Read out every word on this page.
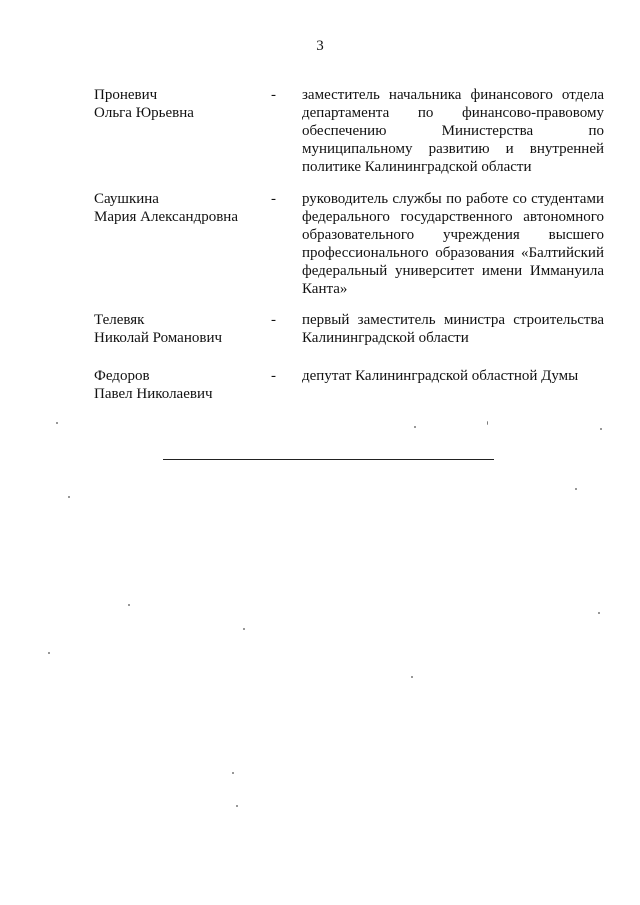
3
Проневич
Ольга Юрьевна
- заместитель начальника финансового отдела департамента по финансово-правовому обеспечению Министерства по муниципальному развитию и внутренней политике Калининградской области
Саушкина
Мария Александровна
- руководитель службы по работе со студентами федерального государственного автономного образовательного учреждения высшего профессионального образования «Балтийский федеральный университет имени Иммануила Канта»
Телевяк
Николай Романович
- первый заместитель министра строительства Калининградской области
Федоров
Павел Николаевич
- депутат Калининградской областной Думы
